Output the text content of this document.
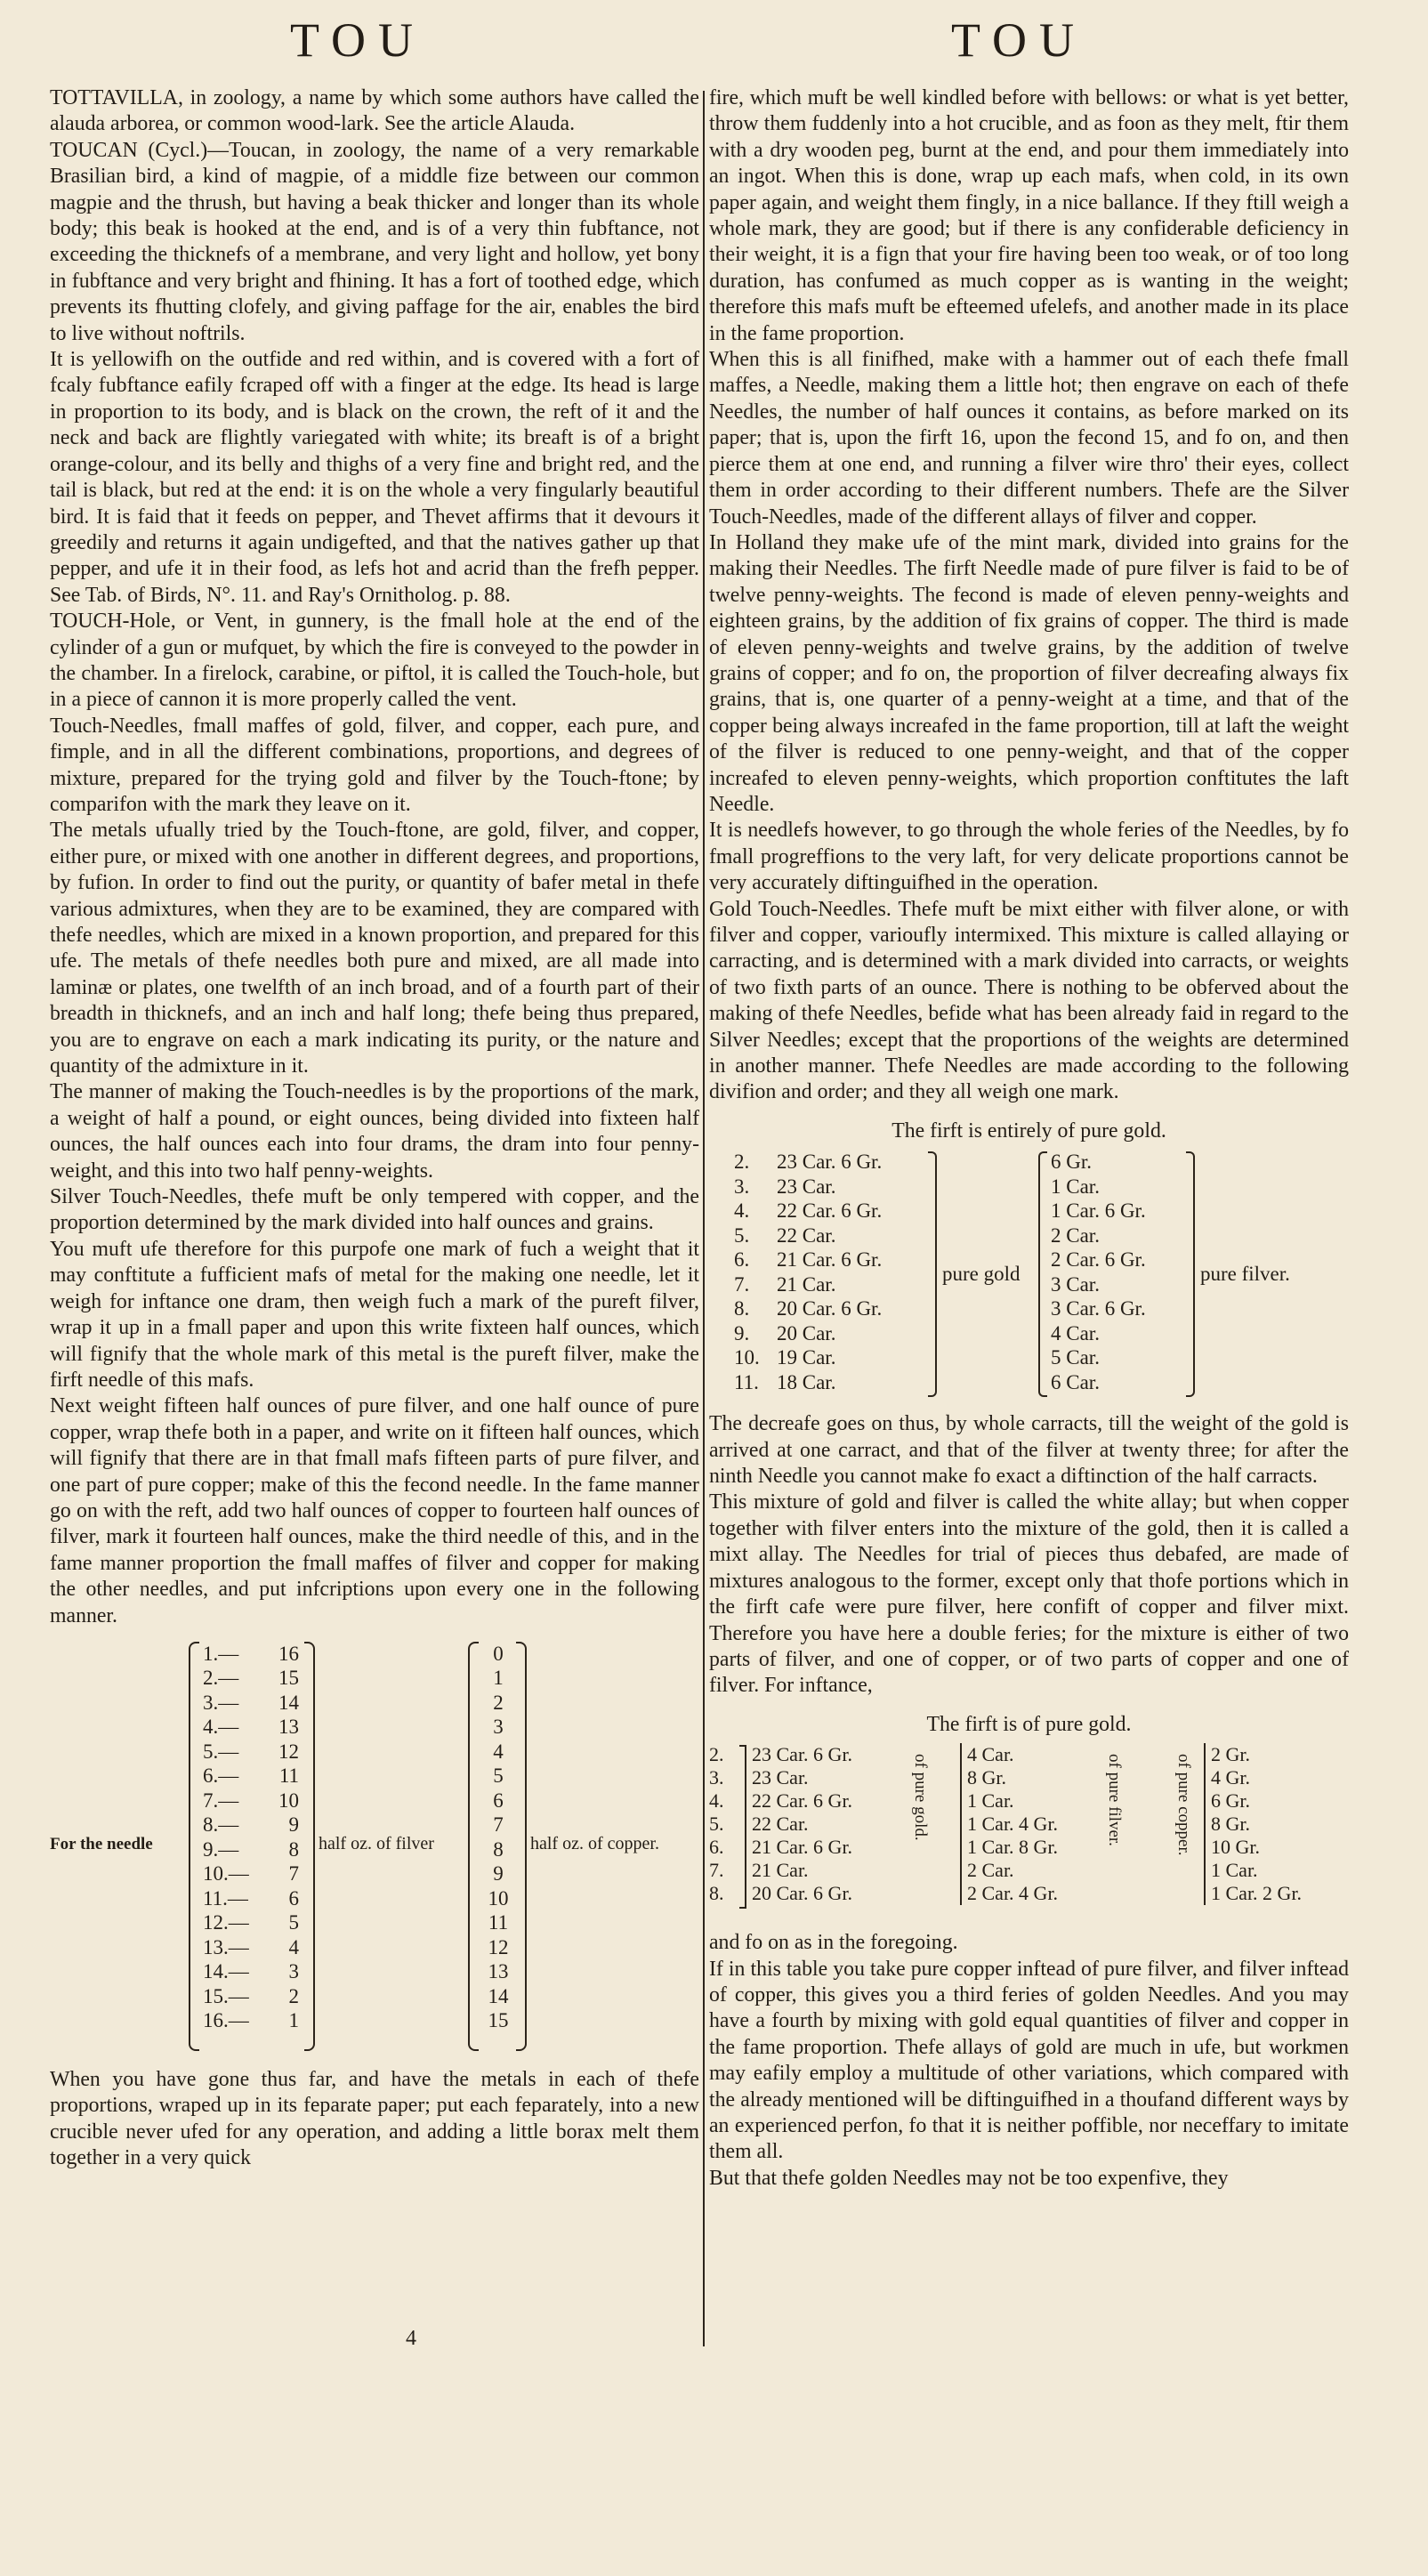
TOU	TOU

TOTTAVILLA, in zoology, a name by which some authors have called the alauda arborea, or common wood-lark. See the article Alauda.

TOUCAN (Cycl.)—Toucan, in zoology, the name of a very remarkable Brasilian bird, a kind of magpie, of a middle fize between our common magpie and the thrush, but having a beak thicker and longer than its whole body; this beak is hooked at the end, and is of a very thin fubftance, not exceeding the thicknefs of a membrane, and very light and hollow, yet bony in fubftance and very bright and fhining. It has a fort of toothed edge, which prevents its fhutting clofely, and giving paffage for the air, enables the bird to live without noftrils.

It is yellowifh on the outfide and red within, and is covered with a fort of fcaly fubftance eafily fcraped off with a finger at the edge. Its head is large in proportion to its body, and is black on the crown, the reft of it and the neck and back are flightly variegated with white; its breaft is of a bright orange-colour, and its belly and thighs of a very fine and bright red, and the tail is black, but red at the end: it is on the whole a very fingularly beautiful bird. It is faid that it feeds on pepper, and Thevet affirms that it devours it greedily and returns it again undigefted, and that the natives gather up that pepper, and ufe it in their food, as lefs hot and acrid than the frefh pepper. See Tab. of Birds, N°. 11. and Ray's Ornitholog. p. 88.

TOUCH-Hole, or Vent, in gunnery, is the fmall hole at the end of the cylinder of a gun or mufquet, by which the fire is conveyed to the powder in the chamber. In a firelock, carabine, or piftol, it is called the Touch-hole, but in a piece of cannon it is more properly called the vent.

Touch-Needles, fmall maffes of gold, filver, and copper, each pure, and fimple, and in all the different combinations, proportions, and degrees of mixture, prepared for the trying gold and filver by the Touch-ftone; by comparifon with the mark they leave on it.

The metals ufually tried by the Touch-ftone, are gold, filver, and copper, either pure, or mixed with one another in different degrees, and proportions, by fufion. In order to find out the purity, or quantity of bafer metal in thefe various admixtures, when they are to be examined, they are compared with thefe needles, which are mixed in a known proportion, and prepared for this ufe. The metals of thefe needles both pure and mixed, are all made into laminæ or plates, one twelfth of an inch broad, and of a fourth part of their breadth in thicknefs, and an inch and half long; thefe being thus prepared, you are to engrave on each a mark indicating its purity, or the nature and quantity of the admixture in it.

The manner of making the Touch-needles is by the proportions of the mark, a weight of half a pound, or eight ounces, being divided into fixteen half ounces, the half ounces each into four drams, the dram into four penny-weight, and this into two half penny-weights.

Silver Touch-Needles, thefe muft be only tempered with copper, and the proportion determined by the mark divided into half ounces and grains.

You muft ufe therefore for this purpofe one mark of fuch a weight that it may conftitute a fufficient mafs of metal for the making one needle, let it weigh for inftance one dram, then weigh fuch a mark of the pureft filver, wrap it up in a fmall paper and upon this write fixteen half ounces, which will fignify that the whole mark of this metal is the pureft filver, make the firft needle of this mafs.

Next weight fifteen half ounces of pure filver, and one half ounce of pure copper, wrap thefe both in a paper, and write on it fifteen half ounces, which will fignify that there are in that fmall mafs fifteen parts of pure filver, and one part of pure copper; make of this the fecond needle. In the fame manner go on with the reft, add two half ounces of copper to fourteen half ounces of filver, mark it fourteen half ounces, make the third needle of this, and in the fame manner proportion the fmall maffes of filver and copper for making the other needles, and put infcriptions upon every one in the following manner.

For the needle
1.—
2.—
3.—
4.—
5.—
6.—
7.—
8.—
9.—
10.—
11.—
12.—
13.—
14.—
15.—
16.—
16
15
14
13
12
11
10
9
8
7
6
5
4
3
2
1
half oz. of filver
0
1
2
3
4
5
6
7
8
9
10
11
12
13
14
15
half oz. of copper.

When you have gone thus far, and have the metals in each of thefe proportions, wraped up in its feparate paper; put each feparately, into a new crucible never ufed for any operation, and adding a little borax melt them together in a very quick

4

fire, which muft be well kindled before with bellows: or what is yet better, throw them fuddenly into a hot crucible, and as foon as they melt, ftir them with a dry wooden peg, burnt at the end, and pour them immediately into an ingot. When this is done, wrap up each mafs, when cold, in its own paper again, and weight them fingly, in a nice ballance. If they ftill weigh a whole mark, they are good; but if there is any confiderable deficiency in their weight, it is a fign that your fire having been too weak, or of too long duration, has confumed as much copper as is wanting in the weight; therefore this mafs muft be efteemed ufelefs, and another made in its place in the fame proportion.

When this is all finifhed, make with a hammer out of each thefe fmall maffes, a Needle, making them a little hot; then engrave on each of thefe Needles, the number of half ounces it contains, as before marked on its paper; that is, upon the firft 16, upon the fecond 15, and fo on, and then pierce them at one end, and running a filver wire thro' their eyes, collect them in order according to their different numbers. Thefe are the Silver Touch-Needles, made of the different allays of filver and copper.

In Holland they make ufe of the mint mark, divided into grains for the making their Needles. The firft Needle made of pure filver is faid to be of twelve penny-weights. The fecond is made of eleven penny-weights and eighteen grains, by the addition of fix grains of copper. The third is made of eleven penny-weights and twelve grains, by the addition of twelve grains of copper; and fo on, the proportion of filver decreafing always fix grains, that is, one quarter of a penny-weight at a time, and that of the copper being always increafed in the fame proportion, till at laft the weight of the filver is reduced to one penny-weight, and that of the copper increafed to eleven penny-weights, which proportion conftitutes the laft Needle.

It is needlefs however, to go through the whole feries of the Needles, by fo fmall progreffions to the very laft, for very delicate proportions cannot be very accurately diftinguifhed in the operation.

Gold Touch-Needles. Thefe muft be mixt either with filver alone, or with filver and copper, varioufly intermixed. This mixture is called allaying or carracting, and is determined with a mark divided into carracts, or weights of two fixth parts of an ounce. There is nothing to be obferved about the making of thefe Needles, befide what has been already faid in regard to the Silver Needles; except that the proportions of the weights are determined in another manner. Thefe Needles are made according to the following divifion and order; and they all weigh one mark.

The firft is entirely of pure gold.
2.
3.
4.
5.
6.
7.
8.
9.
10.
11.
23 Car. 6 Gr.
23 Car.
22 Car. 6 Gr.
22 Car.
21 Car. 6 Gr.
21 Car.
20 Car. 6 Gr.
20 Car.
19 Car.
18 Car.
pure gold
6 Gr.
1 Car.
1 Car. 6 Gr.
2 Car.
2 Car. 6 Gr.
3 Car.
3 Car. 6 Gr.
4 Car.
5 Car.
6 Car.
pure filver.

The decreafe goes on thus, by whole carracts, till the weight of the gold is arrived at one carract, and that of the filver at twenty three; for after the ninth Needle you cannot make fo exact a diftinction of the half carracts.

This mixture of gold and filver is called the white allay; but when copper together with filver enters into the mixture of the gold, then it is called a mixt allay. The Needles for trial of pieces thus debafed, are made of mixtures analogous to the former, except only that thofe portions which in the firft cafe were pure filver, here confift of copper and filver mixt. Therefore you have here a double feries; for the mixture is either of two parts of filver, and one of copper, or of two parts of copper and one of filver. For inftance,

The firft is of pure gold.
2.
3.
4.
5.
6.
7.
8.
23 Car. 6 Gr.
23 Car.
22 Car. 6 Gr.
22 Car.
21 Car. 6 Gr.
21 Car.
20 Car. 6 Gr.
of pure gold. 4 Car.
8 Gr.
1 Car.
1 Car. 4 Gr.
1 Car. 8 Gr.
2 Car.
2 Car. 4 Gr.
of pure filver.	of pure copper. 2 Gr.
4 Gr.
6 Gr.
8 Gr.
10 Gr.
1 Car.
1 Car. 2 Gr.

and fo on as in the foregoing.

If in this table you take pure copper inftead of pure filver, and filver inftead of copper, this gives you a third feries of golden Needles. And you may have a fourth by mixing with gold equal quantities of filver and copper in the fame proportion. Thefe allays of gold are much in ufe, but workmen may eafily employ a multitude of other variations, which compared with the already mentioned will be diftinguifhed in a thoufand different ways by an experienced perfon, fo that it is neither poffible, nor neceffary to imitate them all.

But that thefe golden Needles may not be too expenfive, they
